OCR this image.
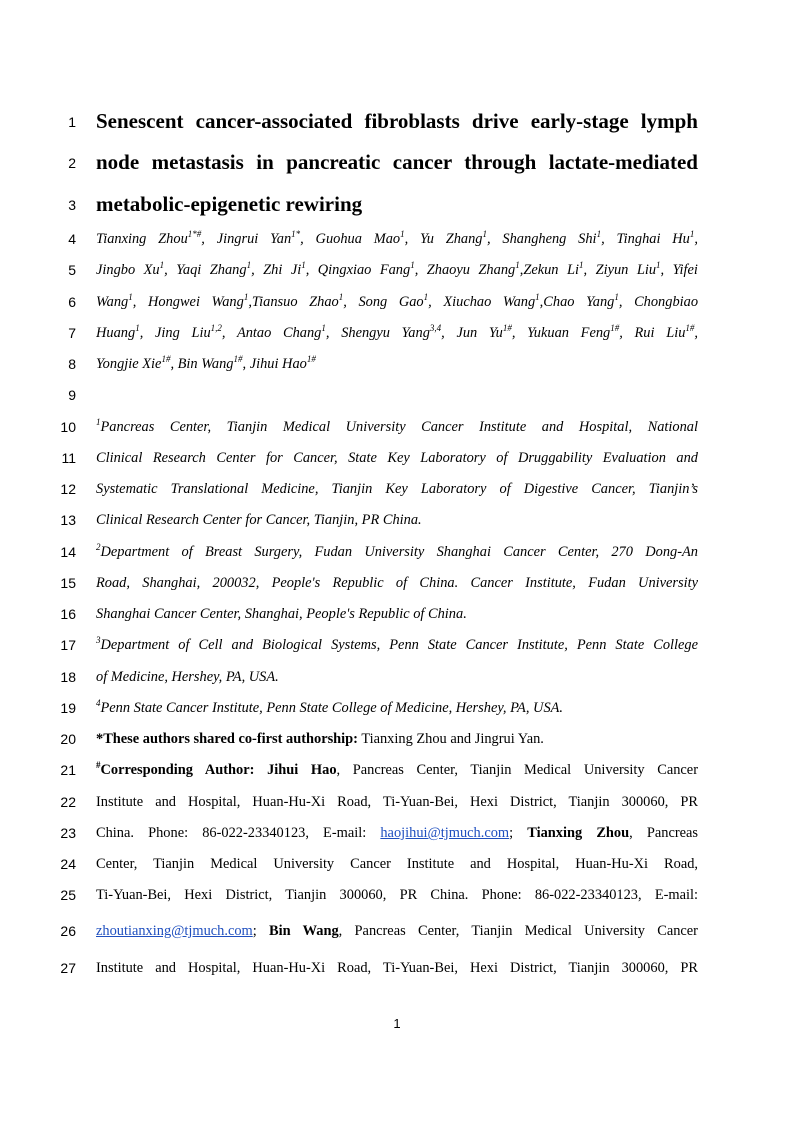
1
2
3
4
5
6
7
8
9
10
11
12
13
14
15
16
17
18
19
20
21
22
23
24
25
26
27
Senescent cancer-associated fibroblasts drive early-stage lymph
node metastasis in pancreatic cancer through lactate-mediated
metabolic-epigenetic rewiring
Tianxing Zhou$^{1*\#}$, Jingrui Yan$^{1*}$, Guohua Mao$^1$, Yu Zhang$^1$, Shangheng Shi$^1$, Tinghai Hu$^1$,
Jingbo Xu$^1$, Yaqi Zhang$^1$, Zhi Ji$^1$, Qingxiao Fang$^1$, Zhaoyu Zhang$^1$,Zekun Li$^1$, Ziyun Liu$^1$, Yifei
Wang$^1$, Hongwei Wang$^1$,Tiansuo Zhao$^1$, Song Gao$^1$, Xiuchao Wang$^1$,Chao Yang$^1$, Chongbiao
Huang$^1$, Jing Liu$^{1,2}$, Antao Chang$^1$, Shengyu Yang$^{3,4}$, Jun $Yu^{1\#}$, Yukuan Feng$^{1\#}$, Rui Liu$^{1\#}$,
Yongjie Xie$^{1\#}$, Bin Wang$^{1\#}$, Jihui Hao$^{1\#}$
$^1$Pancreas Center, Tianjin Medical University Cancer Institute and Hospital, National
Clinical Research Center for Cancer, State Key Laboratory of Druggability Evaluation and
Systematic Translational Medicine, Tianjin Key Laboratory of Digestive Cancer, Tianjin’s
Clinical Research Center for Cancer, Tianjin, PR China.
$^2$Department of Breast Surgery, Fudan University Shanghai Cancer Center, 270 Dong-An
Road, Shanghai, 200032, People's Republic of China. Cancer Institute, Fudan University
Shanghai Cancer Center, Shanghai, People's Republic of China.
$^3$Department of Cell and Biological Systems, Penn State Cancer Institute, Penn State College
of Medicine, Hershey, PA, USA.
$^4$Penn State Cancer Institute, Penn State College of Medicine, Hershey, PA, USA.
*These authors shared co-first authorship: Tianxing Zhou and Jingrui Yan.
#Corresponding Author: Jihui Hao, Pancreas Center, Tianjin Medical University Cancer
Institute and Hospital, Huan-Hu-Xi Road, Ti-Yuan-Bei, Hexi District, Tianjin 300060, PR
China. Phone: 86-022-23340123, E-mail: haojihui@tjmuch.com; Tianxing Zhou, Pancreas
Center, Tianjin Medical University Cancer Institute and Hospital, Huan-Hu-Xi Road,
Ti-Yuan-Bei, Hexi District, Tianjin 300060, PR China. Phone: 86-022-23340123, E-mail:
zhoutianxing@tjmuch.com; Bin Wang, Pancreas Center, Tianjin Medical University Cancer
Institute and Hospital, Huan-Hu-Xi Road, Ti-Yuan-Bei, Hexi District, Tianjin 300060, PR
1
